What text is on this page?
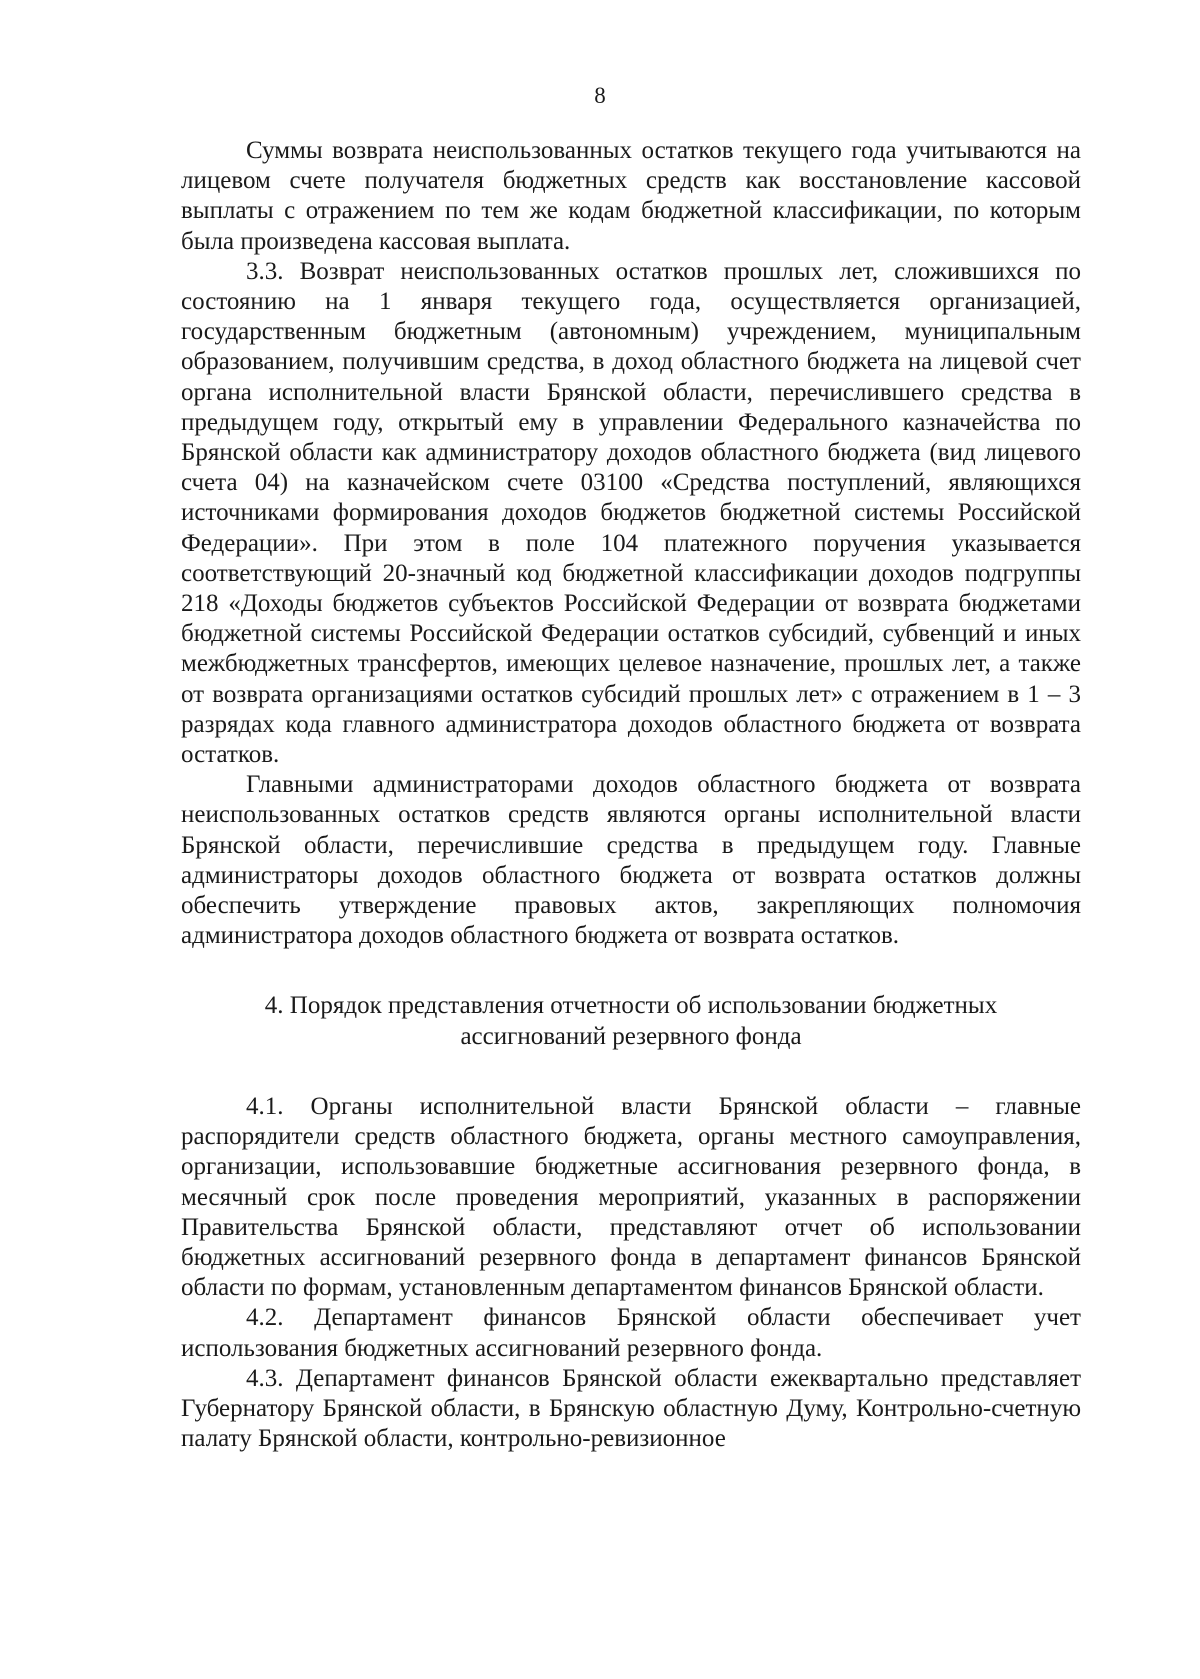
8

Суммы возврата неиспользованных остатков текущего года учитываются на лицевом счете получателя бюджетных средств как восстановление кассовой выплаты с отражением по тем же кодам бюджетной классификации, по которым была произведена кассовая выплата.

3.3. Возврат неиспользованных остатков прошлых лет, сложившихся по состоянию на 1 января текущего года, осуществляется организацией, государственным бюджетным (автономным) учреждением, муниципальным образованием, получившим средства, в доход областного бюджета на лицевой счет органа исполнительной власти Брянской области, перечислившего средства в предыдущем году, открытый ему в управлении Федерального казначейства по Брянской области как администратору доходов областного бюджета (вид лицевого счета 04) на казначейском счете 03100 «Средства поступлений, являющихся источниками формирования доходов бюджетов бюджетной системы Российской Федерации». При этом в поле 104 платежного поручения указывается соответствующий 20-значный код бюджетной классификации доходов подгруппы 218 «Доходы бюджетов субъектов Российской Федерации от возврата бюджетами бюджетной системы Российской Федерации остатков субсидий, субвенций и иных межбюджетных трансфертов, имеющих целевое назначение, прошлых лет, а также от возврата организациями остатков субсидий прошлых лет» с отражением в 1 – 3 разрядах кода главного администратора доходов областного бюджета от возврата остатков.

Главными администраторами доходов областного бюджета от возврата неиспользованных остатков средств являются органы исполнительной власти Брянской области, перечислившие средства в предыдущем году. Главные администраторы доходов областного бюджета от возврата остатков должны обеспечить утверждение правовых актов, закрепляющих полномочия администратора доходов областного бюджета от возврата остатков.

4. Порядок представления отчетности об использовании бюджетных
ассигнований резервного фонда

4.1. Органы исполнительной власти Брянской области – главные распорядители средств областного бюджета, органы местного самоуправления, организации, использовавшие бюджетные ассигнования резервного фонда, в месячный срок после проведения мероприятий, указанных в распоряжении Правительства Брянской области, представляют отчет об использовании бюджетных ассигнований резервного фонда в департамент финансов Брянской области по формам, установленным департаментом финансов Брянской области.

4.2. Департамент финансов Брянской области обеспечивает учет использования бюджетных ассигнований резервного фонда.

4.3. Департамент финансов Брянской области ежеквартально представляет Губернатору Брянской области, в Брянскую областную Думу, Контрольно-счетную палату Брянской области, контрольно-ревизионное
